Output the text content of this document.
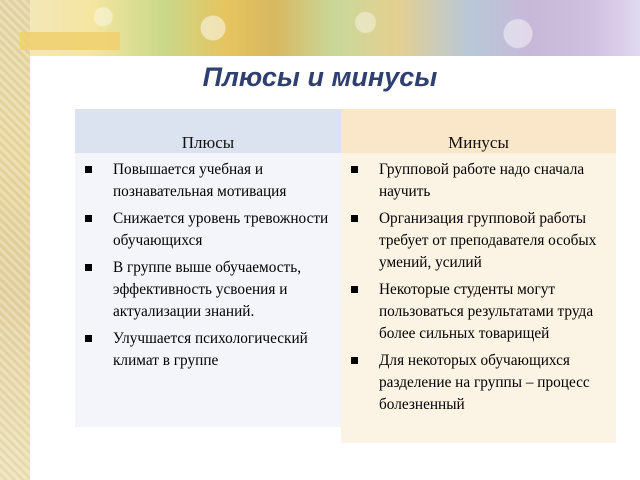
Плюсы и минусы
Плюсы
Повышается учебная и познавательная мотивация
Снижается уровень тревожности обучающихся
В группе выше обучаемость, эффективность усвоения и актуализации знаний.
Улучшается психологический климат в группе
Минусы
Групповой работе надо сначала научить
Организация групповой работы требует от преподавателя особых умений, усилий
Некоторые студенты могут пользоваться результатами труда более сильных товарищей
Для некоторых обучающихся разделение на группы – процесс болезненный
